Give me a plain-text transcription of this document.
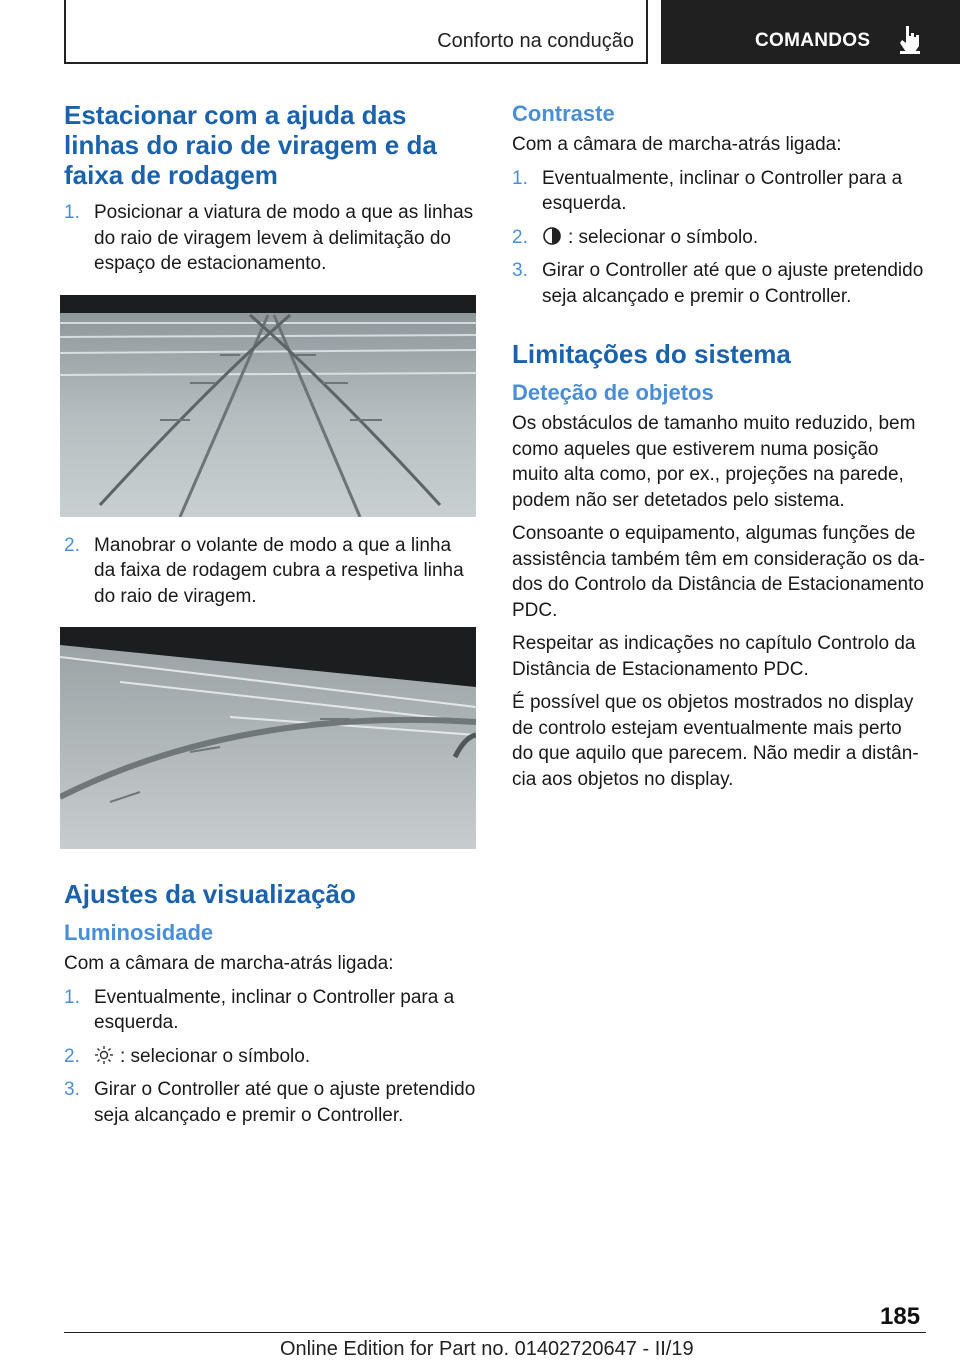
Conforto na condução	COMANDOS
Estacionar com a ajuda das linhas do raio de viragem e da faixa de rodagem
1. Posicionar a viatura de modo a que as linhas do raio de viragem levem à delimitação do espaço de estacionamento.
2. Manobrar o volante de modo a que a linha da faixa de rodagem cubra a respetiva linha do raio de viragem.
Ajustes da visualização
Luminosidade

Com a câmara de marcha-atrás ligada:

1. Eventualmente, inclinar o Controller para a esquerda.
2. : selecionar o símbolo.
3. Girar o Controller até que o ajuste pretendido seja alcançado e premir o Controller.
Contraste

Com a câmara de marcha-atrás ligada:

1. Eventualmente, inclinar o Controller para a esquerda.
2. : selecionar o símbolo.
3. Girar o Controller até que o ajuste pretendido seja alcançado e premir o Controller.
Limitações do sistema
Deteção de objetos

Os obstáculos de tamanho muito reduzido, bem como aqueles que estiverem numa posição muito alta como, por ex., projeções na parede, podem não ser detetados pelo sistema.

Consoante o equipamento, algumas funções de assistência também têm em consideração os dados do Controlo da Distância de Estacionamento PDC.

Respeitar as indicações no capítulo Controlo da Distância de Estacionamento PDC.

É possível que os objetos mostrados no display de controlo estejam eventualmente mais perto do que aquilo que parecem. Não medir a distância aos objetos no display.

185
Online Edition for Part no. 01402720647 - II/19
